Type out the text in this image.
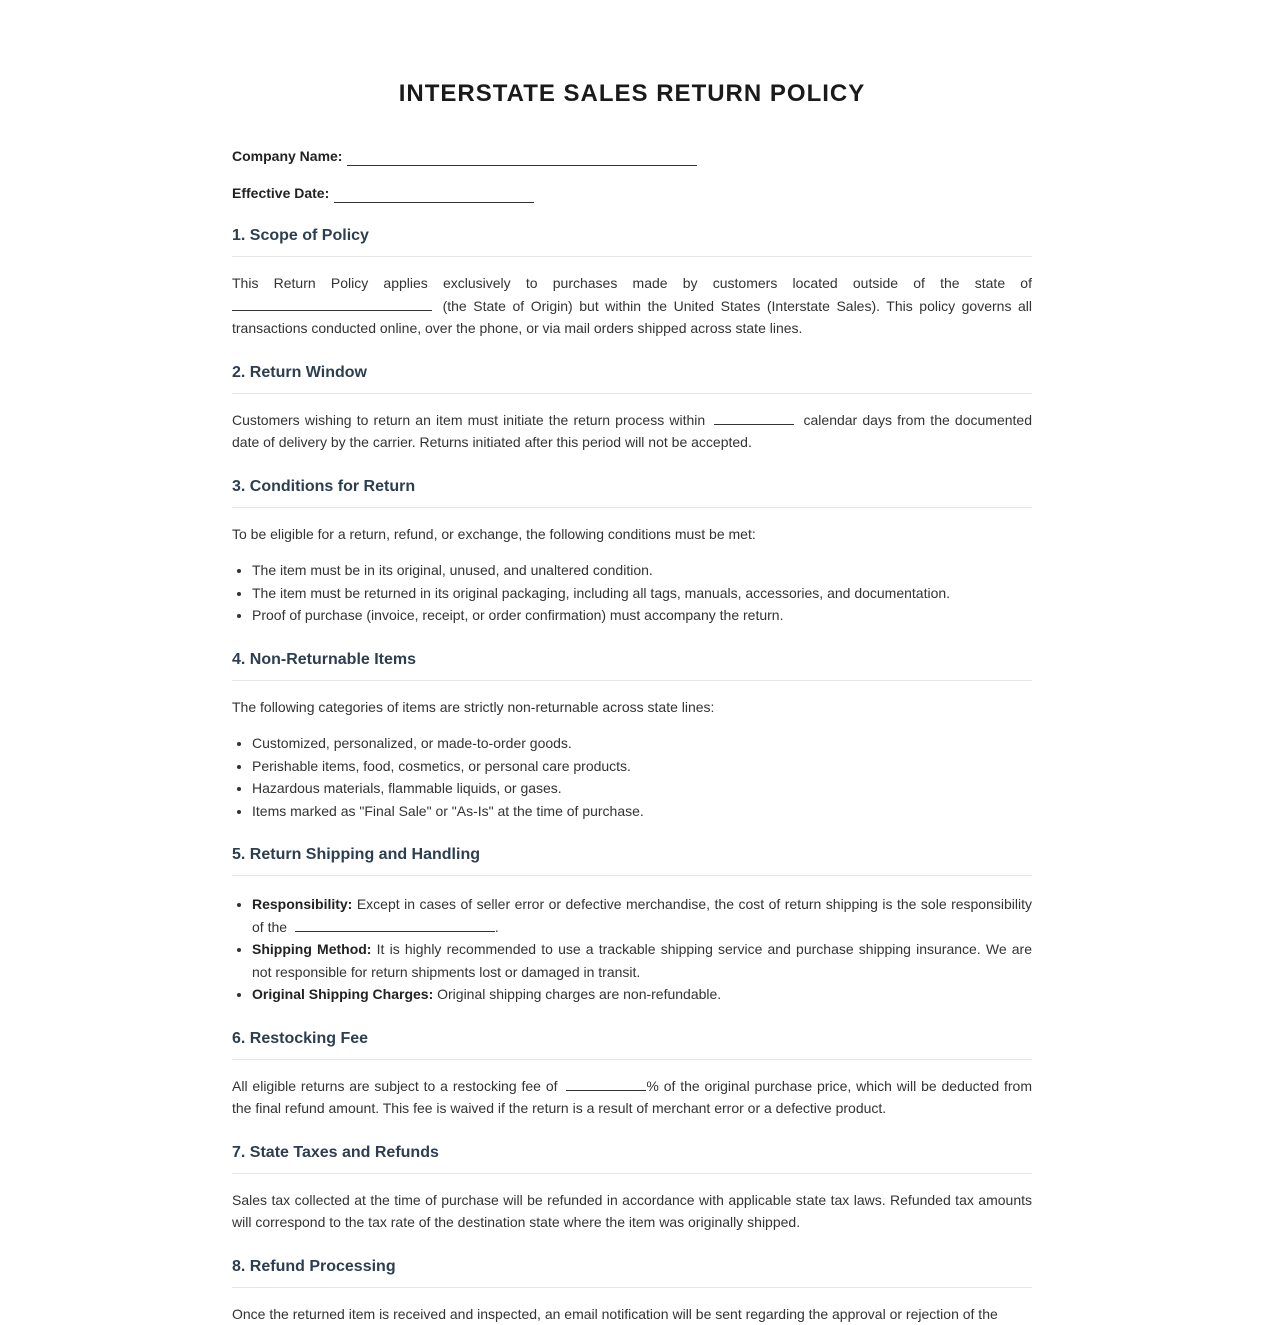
INTERSTATE SALES RETURN POLICY
Company Name:
Effective Date:
1. Scope of Policy

This Return Policy applies exclusively to purchases made by customers located outside of the state of  (the State of Origin) but within the United States (Interstate Sales). This policy governs all transactions conducted online, over the phone, or via mail orders shipped across state lines.

2. Return Window

Customers wishing to return an item must initiate the return process within	calendar days from the documented date of delivery by the carrier. Returns initiated after this period will not be accepted.

3. Conditions for Return

To be eligible for a return, refund, or exchange, the following conditions must be met:

• The item must be in its original, unused, and unaltered condition.
• The item must be returned in its original packaging, including all tags, manuals, accessories, and documentation.
• Proof of purchase (invoice, receipt, or order confirmation) must accompany the return.
4. Non-Returnable Items

The following categories of items are strictly non-returnable across state lines:

• Customized, personalized, or made-to-order goods.
• Perishable items, food, cosmetics, or personal care products.
• Hazardous materials, flammable liquids, or gases.
• Items marked as "Final Sale" or "As-Is" at the time of purchase.
5. Return Shipping and Handling
• Responsibility: Except in cases of seller error or defective merchandise, the cost of return shipping is the sole responsibility of the	.
• Shipping Method: It is highly recommended to use a trackable shipping service and purchase shipping insurance. We are not responsible for return shipments lost or damaged in transit.
• Original Shipping Charges: Original shipping charges are non-refundable.
6. Restocking Fee

All eligible returns are subject to a restocking fee of	% of the original purchase price, which will be deducted from the final refund amount. This fee is waived if the return is a result of merchant error or a defective product.

7. State Taxes and Refunds

Sales tax collected at the time of purchase will be refunded in accordance with applicable state tax laws. Refunded tax amounts will correspond to the tax rate of the destination state where the item was originally shipped.

8. Refund Processing

Once the returned item is received and inspected, an email notification will be sent regarding the approval or rejection of the
